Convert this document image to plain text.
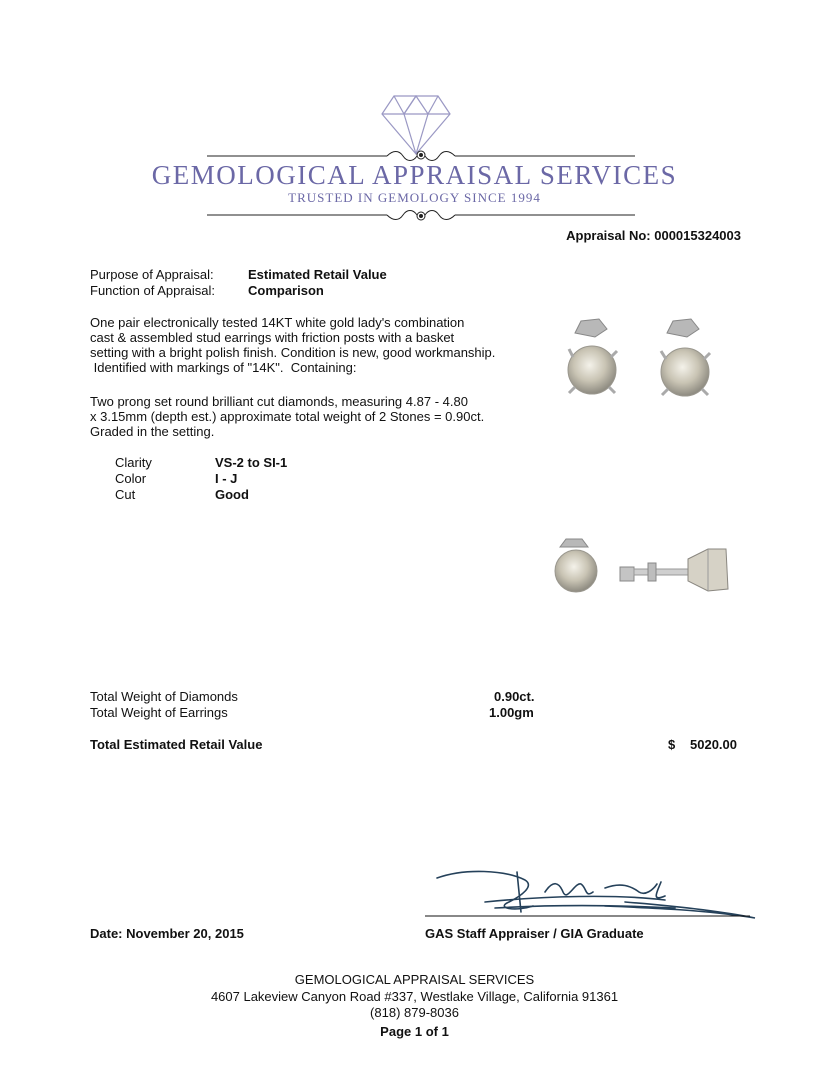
GEMOLOGICAL APPRAISAL SERVICES
TRUSTED IN GEMOLOGY SINCE 1994
Appraisal No: 000015324003
Purpose of Appraisal:	Estimated Retail Value
Function of Appraisal:	Comparison
One pair electronically tested 14KT white gold lady's combination
cast & assembled stud earrings with friction posts with a basket
setting with a bright polish finish. Condition is new, good workmanship.
Identified with markings of "14K".  Containing:
Two prong set round brilliant cut diamonds, measuring 4.87 - 4.80
x 3.15mm (depth est.) approximate total weight of 2 Stones = 0.90ct.
Graded in the setting.
Clarity	VS-2 to SI-1
Color	I - J
Cut	Good
Total Weight of Diamonds	0.90ct.
Total Weight of Earrings	1.00gm
Total Estimated Retail Value	$ 5020.00
Date: November 20, 2015	GAS Staff Appraiser / GIA Graduate
GEMOLOGICAL APPRAISAL SERVICES
4607 Lakeview Canyon Road #337, Westlake Village, California 91361
(818) 879-8036
Page 1 of 1
